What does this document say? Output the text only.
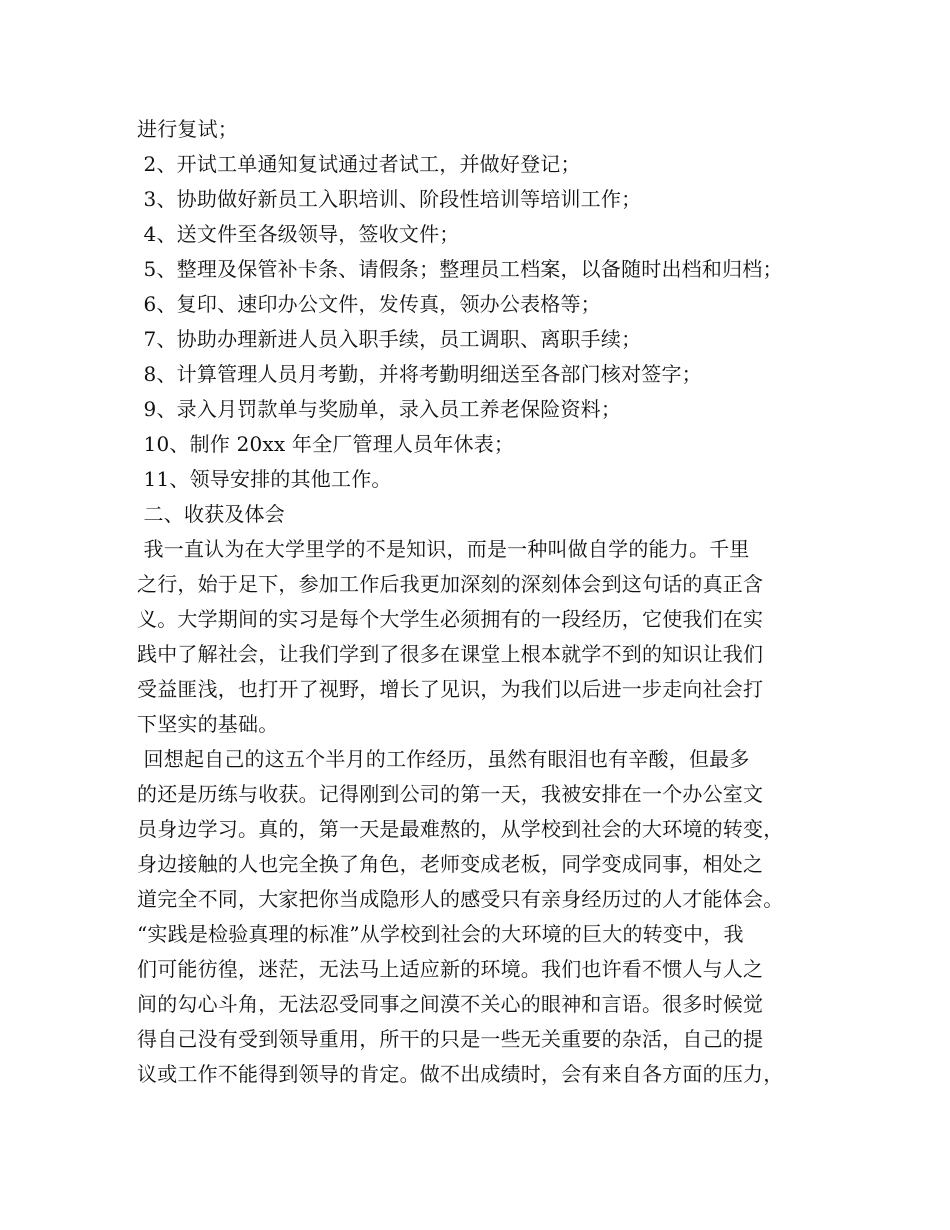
进行复试；
2、开试工单通知复试通过者试工，并做好登记；
3、协助做好新员工入职培训、阶段性培训等培训工作；
4、送文件至各级领导，签收文件；
5、整理及保管补卡条、请假条；整理员工档案，以备随时出档和归档；
6、复印、速印办公文件，发传真，领办公表格等；
7、协助办理新进人员入职手续，员工调职、离职手续；
8、计算管理人员月考勤，并将考勤明细送至各部门核对签字；
9、录入月罚款单与奖励单，录入员工养老保险资料；
10、制作 20xx 年全厂管理人员年休表；
11、领导安排的其他工作。
二、收获及体会
我一直认为在大学里学的不是知识，而是一种叫做自学的能力。千里
之行，始于足下，参加工作后我更加深刻的深刻体会到这句话的真正含
义。大学期间的实习是每个大学生必须拥有的一段经历，它使我们在实
践中了解社会，让我们学到了很多在课堂上根本就学不到的知识让我们
受益匪浅，也打开了视野，增长了见识，为我们以后进一步走向社会打
下坚实的基础。
回想起自己的这五个半月的工作经历，虽然有眼泪也有辛酸，但最多
的还是历练与收获。记得刚到公司的第一天，我被安排在一个办公室文
员身边学习。真的，第一天是最难熬的，从学校到社会的大环境的转变，
身边接触的人也完全换了角色，老师变成老板，同学变成同事，相处之
道完全不同，大家把你当成隐形人的感受只有亲身经历过的人才能体会。
“实践是检验真理的标准”从学校到社会的大环境的巨大的转变中，我
们可能彷徨，迷茫，无法马上适应新的环境。我们也许看不惯人与人之
间的勾心斗角，无法忍受同事之间漠不关心的眼神和言语。很多时候觉
得自己没有受到领导重用，所干的只是一些无关重要的杂活，自己的提
议或工作不能得到领导的肯定。做不出成绩时，会有来自各方面的压力，
